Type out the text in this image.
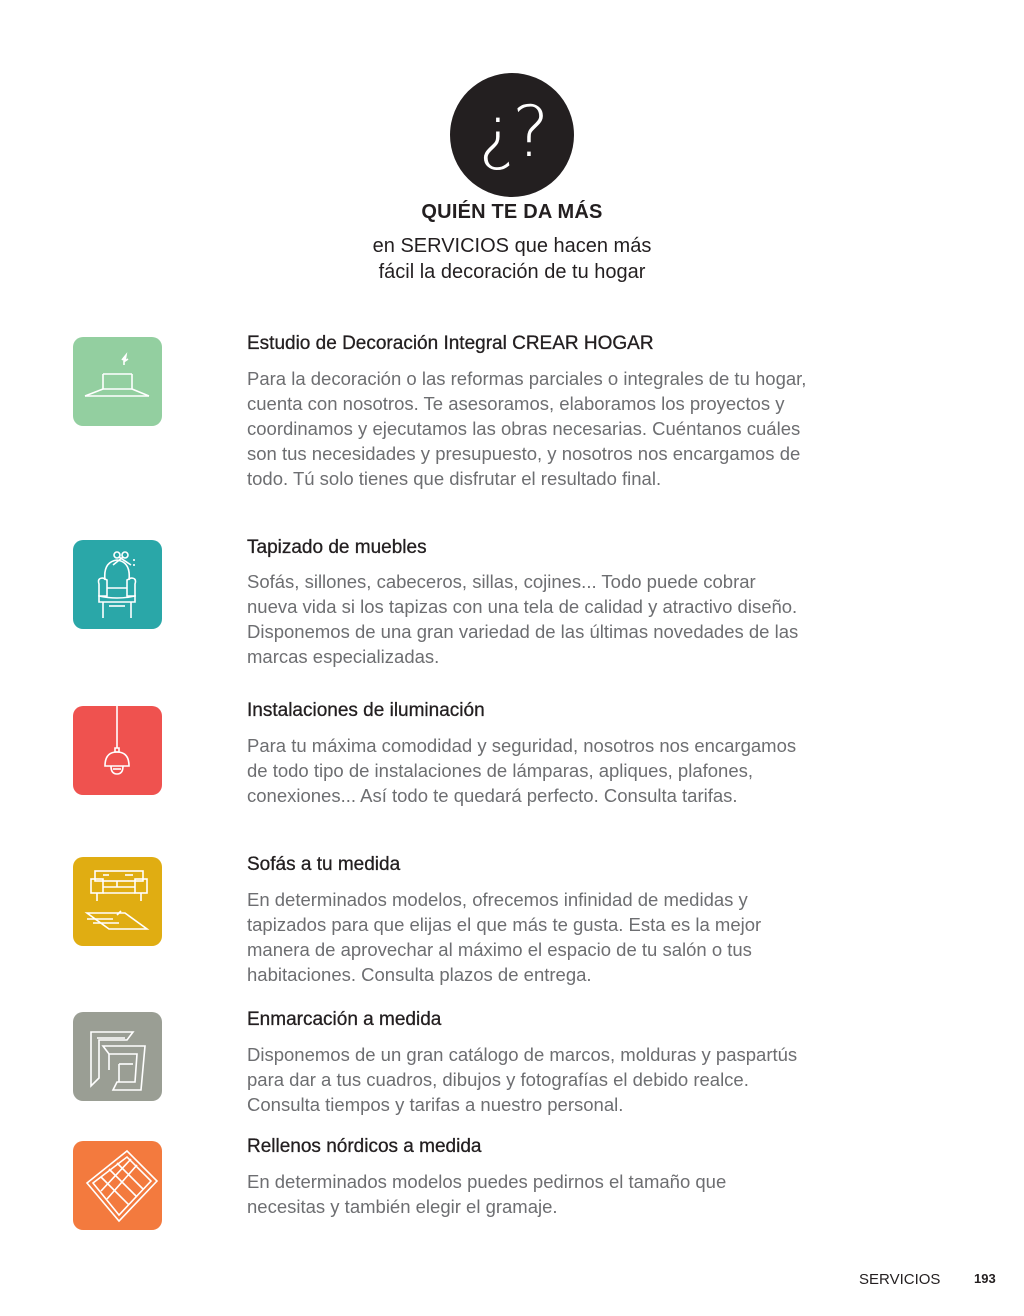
¿?
QUIÉN TE DA MÁS
en SERVICIOS que hacen más
fácil la decoración de tu hogar
Estudio de Decoración Integral CREAR HOGAR
Para la decoración o las reformas parciales o integrales de tu hogar,
cuenta con nosotros. Te asesoramos, elaboramos los proyectos y
coordinamos y ejecutamos las obras necesarias. Cuéntanos cuáles
son tus necesidades y presupuesto, y nosotros nos encargamos de
todo. Tú solo tienes que disfrutar el resultado final.
Tapizado de muebles
Sofás, sillones, cabeceros, sillas, cojines... Todo puede cobrar
nueva vida si los tapizas con una tela de calidad y atractivo diseño.
Disponemos de una gran variedad de las últimas novedades de las
marcas especializadas.
Instalaciones de iluminación
Para tu máxima comodidad y seguridad, nosotros nos encargamos
de todo tipo de instalaciones de lámparas, apliques, plafones,
conexiones... Así todo te quedará perfecto. Consulta tarifas.
Sofás a tu medida
En determinados modelos, ofrecemos infinidad de medidas y
tapizados para que elijas el que más te gusta. Esta es la mejor
manera de aprovechar al máximo el espacio de tu salón o tus
habitaciones. Consulta plazos de entrega.
Enmarcación a medida
Disponemos de un gran catálogo de marcos, molduras y paspartús
para dar a tus cuadros, dibujos y fotografías el debido realce.
Consulta tiempos y tarifas a nuestro personal.
Rellenos nórdicos a medida
En determinados modelos puedes pedirnos el tamaño que
necesitas y también elegir el gramaje.
SERVICIOS	193
